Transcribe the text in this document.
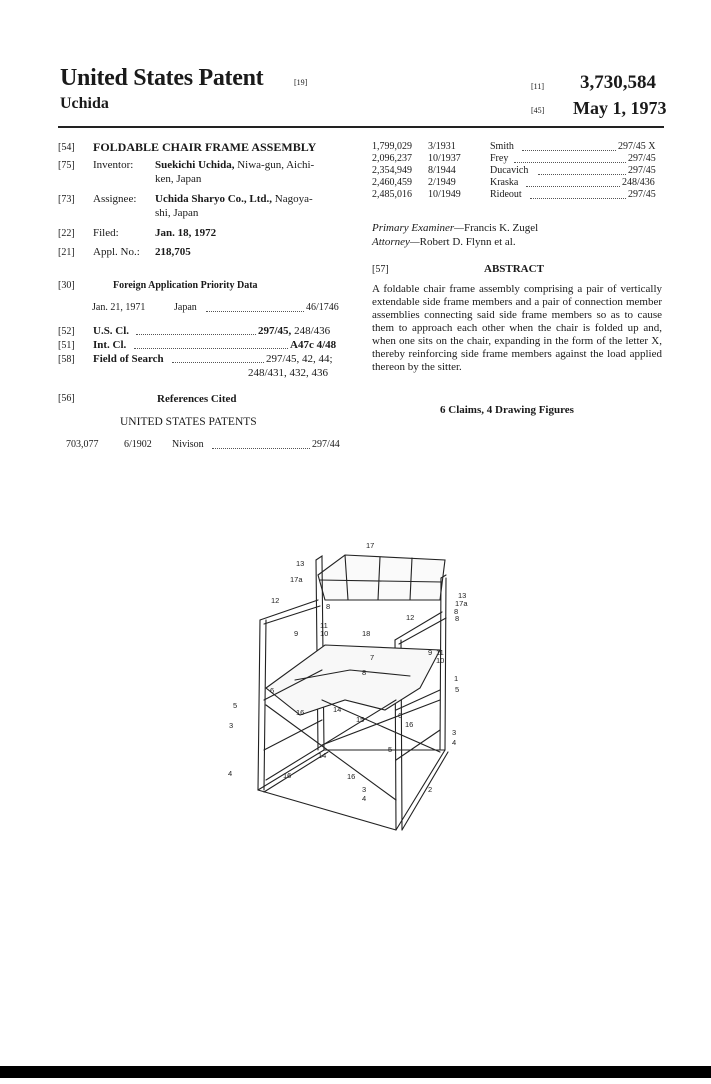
United States Patent	[19]
Uchida
[11] 3,730,584
[45] May 1, 1973
[54] FOLDABLE CHAIR FRAME ASSEMBLY
[75] Inventor: Suekichi Uchida, Niwa-gun, Aichi-
ken, Japan
[73] Assignee: Uchida Sharyo Co., Ltd., Nagoya-
shi, Japan
[22] Filed:	Jan. 18, 1972
[21] Appl. No.: 218,705
[30]	Foreign Application Priority Data
Jan. 21, 1971	Japan	46/1746
[52] U.S. Cl.	297/45, 248/436
[51] Int. Cl.	A47c 4/48
[58] Field of Search	297/45, 42, 44;
248/431, 432, 436
[56]	References Cited
UNITED STATES PATENTS
703,077	6/1902 Nivison	297/44
1,799,029 3/1931	Smith	297/45 X
2,096,237 10/1937	Frey	297/45
2,354,949 8/1944	Ducavich	297/45
2,460,459 2/1949	Kraska	248/436
2,485,016 10/1949	Rideout	297/45
Primary Examiner—Francis K. Zugel
Attorney—Robert D. Flynn et al.
[57]	ABSTRACT
A foldable chair frame assembly comprising a pair of vertically extendable side frame members and a pair of connection member assemblies connecting said side frame members so as to cause them to approach each other when the chair is folded up and, when one sits on the chair, expanding in the form of the letter X, thereby reinforcing side frame members against the load applied thereon by the sitter.
6 Claims, 4 Drawing Figures
17
13
17a
12
8
11
10
9	18
12
8
13
17a
8
11
10
9
1
6
7
8
5
5
3
16	14
15	6
16
3
4
5
14
16
4	16
3
4
2
